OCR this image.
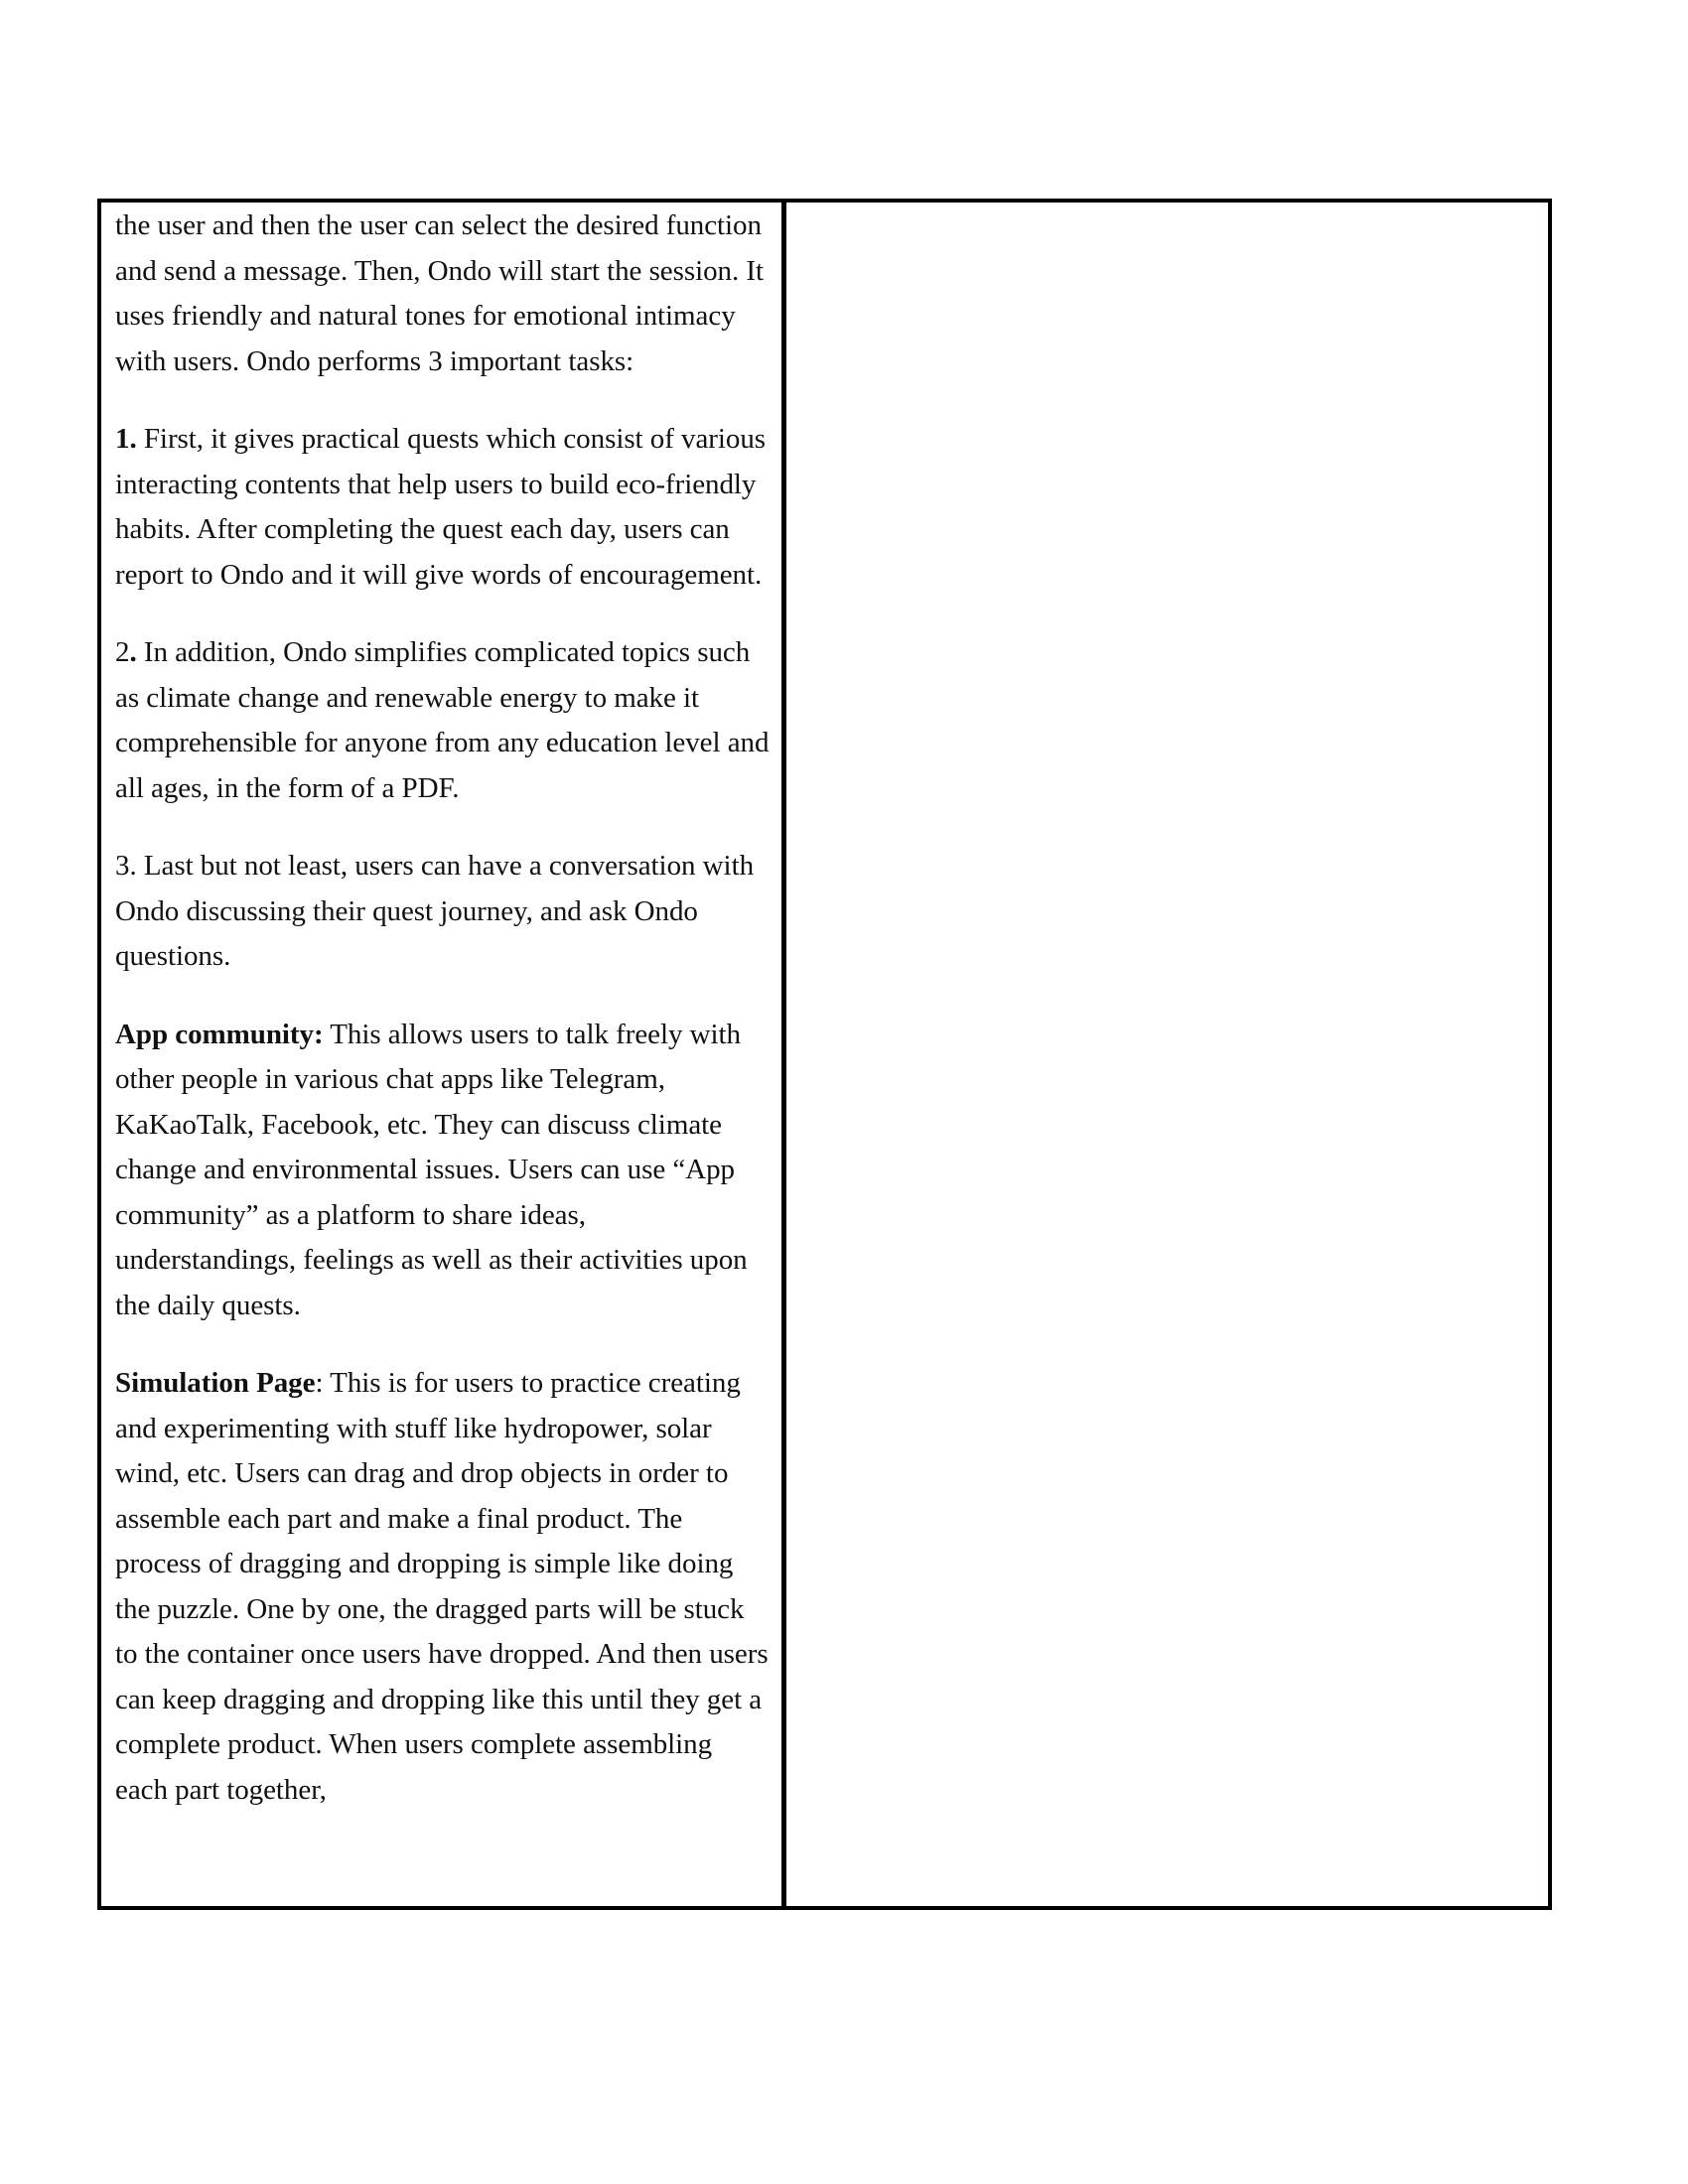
the user and then the user can select the desired function and send a message. Then, Ondo will start the session. It uses friendly and natural tones for emotional intimacy with users. Ondo performs 3 important tasks:

1. First, it gives practical quests which consist of various interacting contents that help users to build eco-friendly habits. After completing the quest each day, users can report to Ondo and it will give words of encouragement.

2. In addition, Ondo simplifies complicated topics such as climate change and renewable energy to make it comprehensible for anyone from any education level and all ages, in the form of a PDF.

3. Last but not least, users can have a conversation with Ondo discussing their quest journey, and ask Ondo questions.

App community: This allows users to talk freely with other people in various chat apps like Telegram, KaKaoTalk, Facebook, etc. They can discuss climate change and environmental issues. Users can use “App community” as a platform to share ideas, understandings, feelings as well as their activities upon the daily quests.

Simulation Page: This is for users to practice creating and experimenting with stuff like hydropower, solar wind, etc. Users can drag and drop objects in order to assemble each part and make a final product. The process of dragging and dropping is simple like doing the puzzle. One by one, the dragged parts will be stuck to the container once users have dropped. And then users can keep dragging and dropping like this until they get a complete product. When users complete assembling each part together,
